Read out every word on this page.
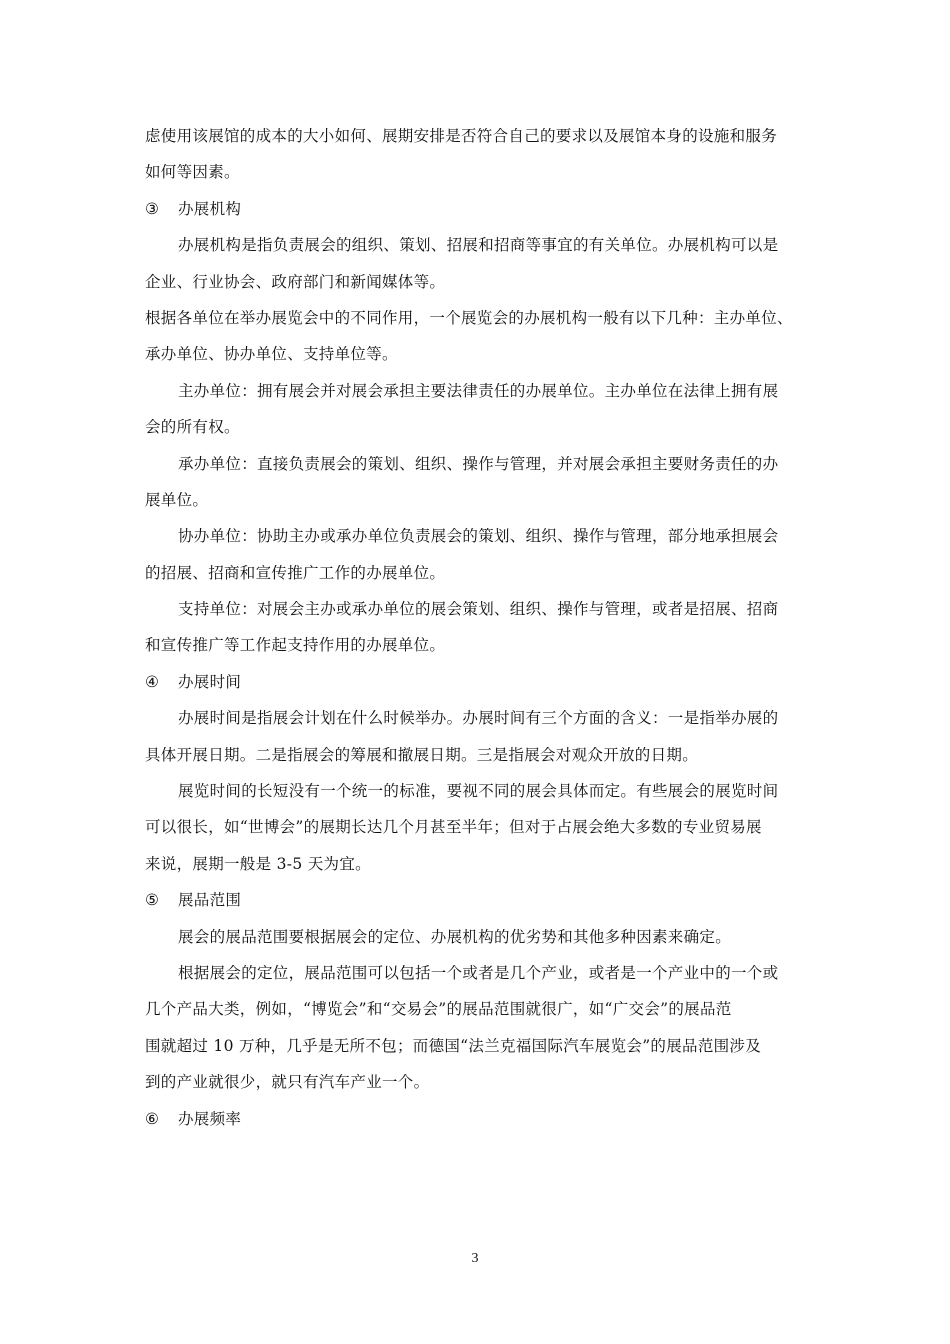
虑使用该展馆的成本的大小如何、展期安排是否符合自己的要求以及展馆本身的设施和服务
如何等因素。
③ 办展机构
办展机构是指负责展会的组织、策划、招展和招商等事宜的有关单位。办展机构可以是
企业、行业协会、政府部门和新闻媒体等。
根据各单位在举办展览会中的不同作用，一个展览会的办展机构一般有以下几种：主办单位、
承办单位、协办单位、支持单位等。
主办单位：拥有展会并对展会承担主要法律责任的办展单位。主办单位在法律上拥有展
会的所有权。
承办单位：直接负责展会的策划、组织、操作与管理，并对展会承担主要财务责任的办
展单位。
协办单位：协助主办或承办单位负责展会的策划、组织、操作与管理，部分地承担展会
的招展、招商和宣传推广工作的办展单位。
支持单位：对展会主办或承办单位的展会策划、组织、操作与管理，或者是招展、招商
和宣传推广等工作起支持作用的办展单位。
④ 办展时间
办展时间是指展会计划在什么时候举办。办展时间有三个方面的含义：一是指举办展的
具体开展日期。二是指展会的筹展和撤展日期。三是指展会对观众开放的日期。
展览时间的长短没有一个统一的标准，要视不同的展会具体而定。有些展会的展览时间
可以很长，如“世博会”的展期长达几个月甚至半年；但对于占展会绝大多数的专业贸易展
来说，展期一般是 3-5 天为宜。
⑤ 展品范围
展会的展品范围要根据展会的定位、办展机构的优劣势和其他多种因素来确定。
根据展会的定位，展品范围可以包括一个或者是几个产业，或者是一个产业中的一个或
几个产品大类，例如，“博览会”和“交易会”的展品范围就很广，如“广交会”的展品范
围就超过 10 万种，几乎是无所不包；而德国“法兰克福国际汽车展览会”的展品范围涉及
到的产业就很少，就只有汽车产业一个。
⑥ 办展频率
3
